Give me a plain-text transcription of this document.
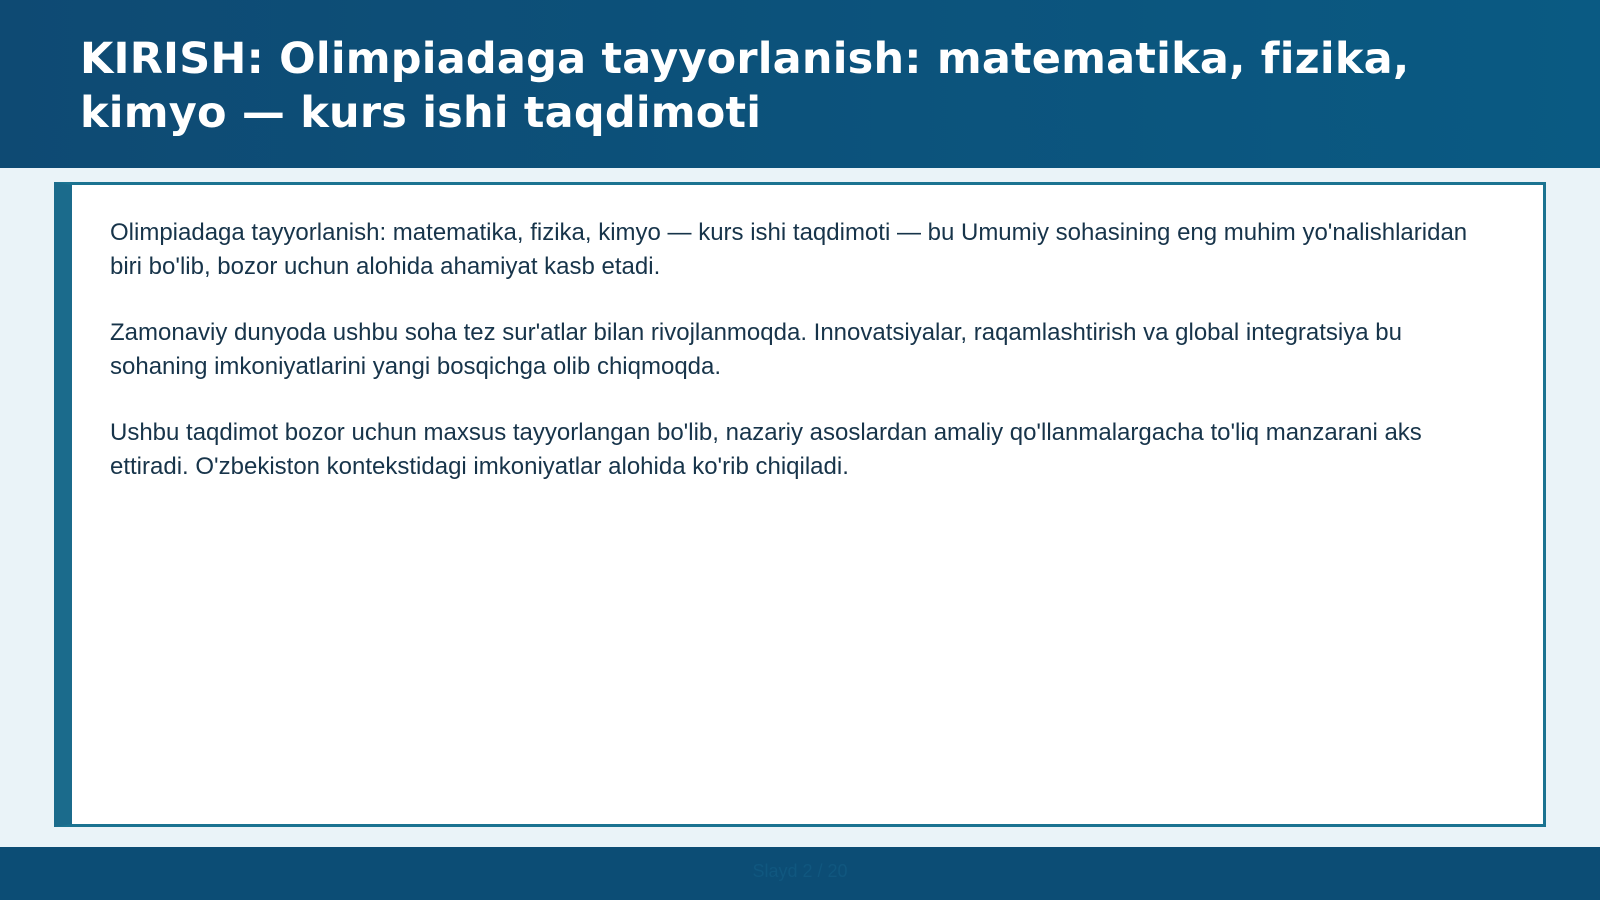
KIRISH: Olimpiadaga tayyorlanish: matematika, fizika, kimyo — kurs ishi taqdimoti

Olimpiadaga tayyorlanish: matematika, fizika, kimyo — kurs ishi taqdimoti — bu Umumiy sohasining eng muhim yo'nalishlaridan biri bo'lib, bozor uchun alohida ahamiyat kasb etadi.

Zamonaviy dunyoda ushbu soha tez sur'atlar bilan rivojlanmoqda. Innovatsiyalar, raqamlashtirish va global integratsiya bu sohaning imkoniyatlarini yangi bosqichga olib chiqmoqda.

Ushbu taqdimot bozor uchun maxsus tayyorlangan bo'lib, nazariy asoslardan amaliy qo'llanmalargacha to'liq manzarani aks ettiradi. O'zbekiston kontekstidagi imkoniyatlar alohida ko'rib chiqiladi.

Slayd 2 / 20
